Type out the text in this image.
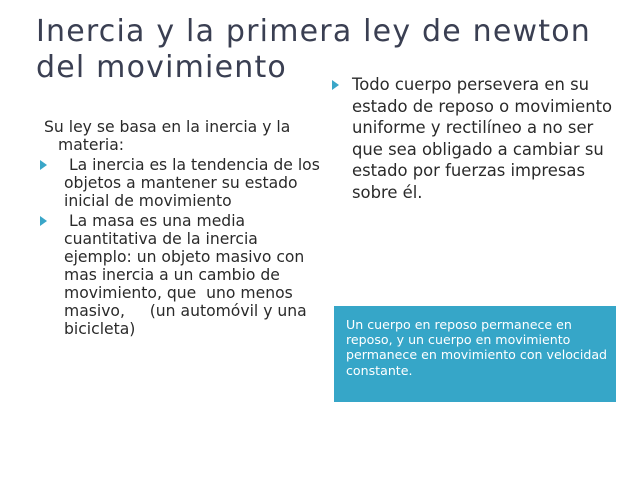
Inercia y la primera ley de newton del movimiento

Su ley se basa en la inercia y la materia:

La inercia es la tendencia de los objetos a mantener su estado inicial de movimiento
La masa es una media cuantitativa de la inercia ejemplo: un objeto masivo con mas inercia a un cambio de movimiento, que  uno menos masivo,     (un automóvil y una bicicleta)
Todo cuerpo persevera en su estado de reposo o movimiento uniforme y rectilíneo a no ser que sea obligado a cambiar su estado por fuerzas impresas sobre él.

Un cuerpo en reposo permanece en reposo, y un cuerpo en movimiento permanece en movimiento con velocidad constante.
